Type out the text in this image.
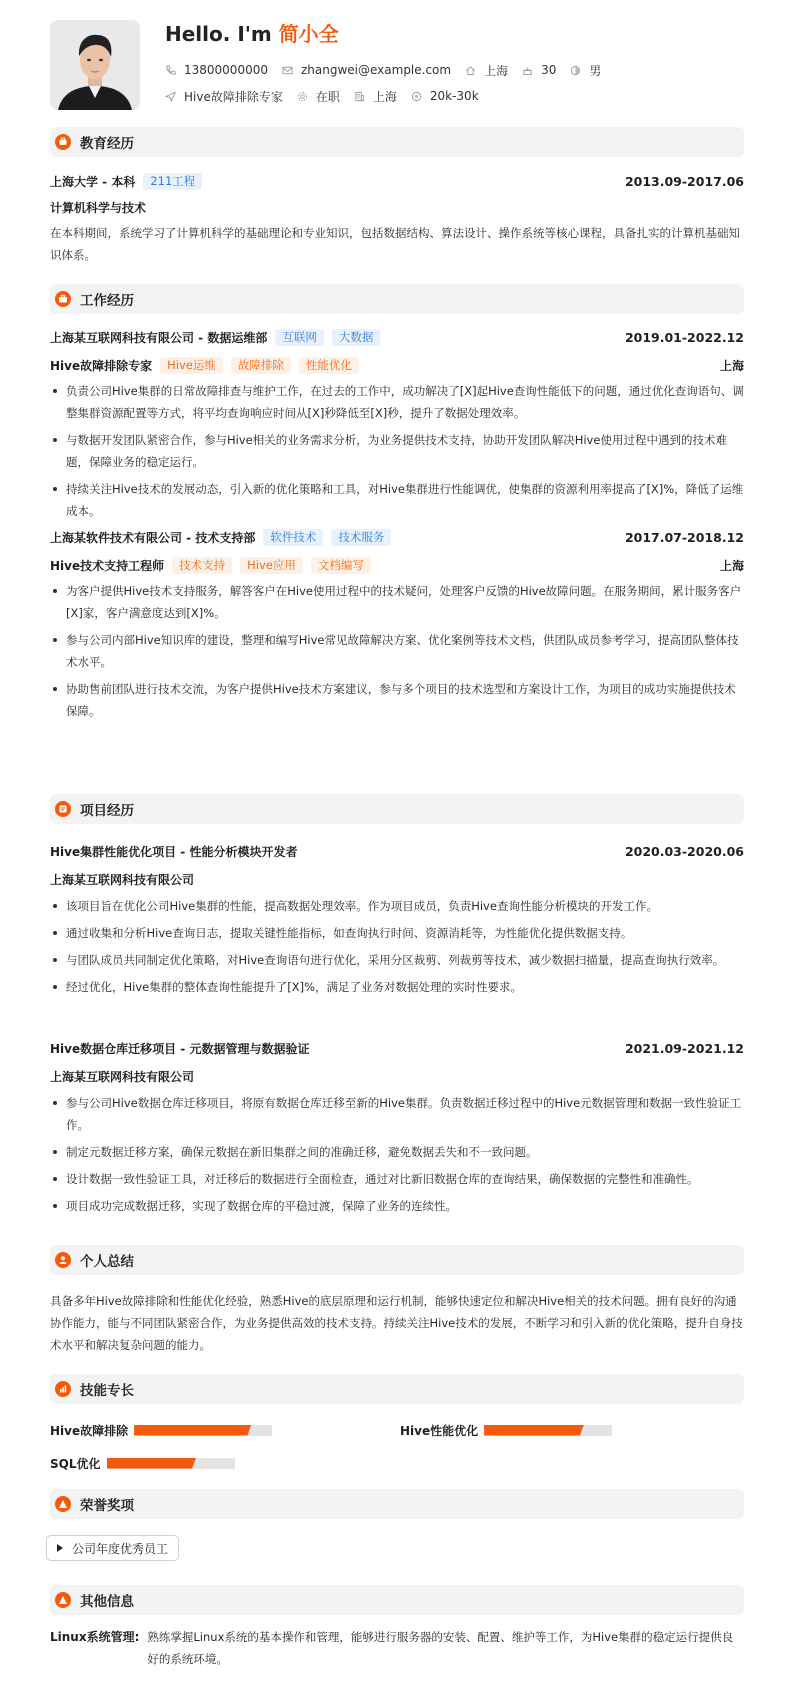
Hello. I'm 简小全
13800000000	zhangwei@example.com	上海	30	男
Hive故障排除专家	在职	上海	20k-30k
教育经历
上海大学 - 本科	211工程	2013.09-2017.06
计算机科学与技术
在本科期间，系统学习了计算机科学的基础理论和专业知识，包括数据结构、算法设计、操作系统等核心课程，具备扎实的计算机基础知识体系。
工作经历
上海某互联网科技有限公司 - 数据运维部	互联网	大数据	2019.01-2022.12
Hive故障排除专家	Hive运维	故障排除	性能优化	上海
负责公司Hive集群的日常故障排查与维护工作，在过去的工作中，成功解决了[X]起Hive查询性能低下的问题，通过优化查询语句、调整集群资源配置等方式，将平均查询响应时间从[X]秒降低至[X]秒，提升了数据处理效率。
与数据开发团队紧密合作，参与Hive相关的业务需求分析，为业务提供技术支持，协助开发团队解决Hive使用过程中遇到的技术难题，保障业务的稳定运行。
持续关注Hive技术的发展动态，引入新的优化策略和工具，对Hive集群进行性能调优，使集群的资源利用率提高了[X]%，降低了运维成本。
上海某软件技术有限公司 - 技术支持部	软件技术	技术服务	2017.07-2018.12
Hive技术支持工程师	技术支持	Hive应用	文档编写	上海
为客户提供Hive技术支持服务，解答客户在Hive使用过程中的技术疑问，处理客户反馈的Hive故障问题。在服务期间，累计服务客户[X]家，客户满意度达到[X]%。
参与公司内部Hive知识库的建设，整理和编写Hive常见故障解决方案、优化案例等技术文档，供团队成员参考学习，提高团队整体技术水平。
协助售前团队进行技术交流，为客户提供Hive技术方案建议，参与多个项目的技术选型和方案设计工作，为项目的成功实施提供技术保障。
项目经历
Hive集群性能优化项目 - 性能分析模块开发者	2020.03-2020.06
上海某互联网科技有限公司
该项目旨在优化公司Hive集群的性能，提高数据处理效率。作为项目成员，负责Hive查询性能分析模块的开发工作。
通过收集和分析Hive查询日志，提取关键性能指标，如查询执行时间、资源消耗等，为性能优化提供数据支持。
与团队成员共同制定优化策略，对Hive查询语句进行优化，采用分区裁剪、列裁剪等技术，减少数据扫描量，提高查询执行效率。
经过优化，Hive集群的整体查询性能提升了[X]%，满足了业务对数据处理的实时性要求。
Hive数据仓库迁移项目 - 元数据管理与数据验证	2021.09-2021.12
上海某互联网科技有限公司
参与公司Hive数据仓库迁移项目，将原有数据仓库迁移至新的Hive集群。负责数据迁移过程中的Hive元数据管理和数据一致性验证工作。
制定元数据迁移方案，确保元数据在新旧集群之间的准确迁移，避免数据丢失和不一致问题。
设计数据一致性验证工具，对迁移后的数据进行全面检查，通过对比新旧数据仓库的查询结果，确保数据的完整性和准确性。
项目成功完成数据迁移，实现了数据仓库的平稳过渡，保障了业务的连续性。
个人总结
具备多年Hive故障排除和性能优化经验，熟悉Hive的底层原理和运行机制，能够快速定位和解决Hive相关的技术问题。拥有良好的沟通协作能力，能与不同团队紧密合作，为业务提供高效的技术支持。持续关注Hive技术的发展，不断学习和引入新的优化策略，提升自身技术水平和解决复杂问题的能力。
技能专长
Hive故障排除	Hive性能优化
SQL优化
荣誉奖项
公司年度优秀员工
其他信息
Linux系统管理: 熟练掌握Linux系统的基本操作和管理，能够进行服务器的安装、配置、维护等工作，为Hive集群的稳定运行提供良好的系统环境。
